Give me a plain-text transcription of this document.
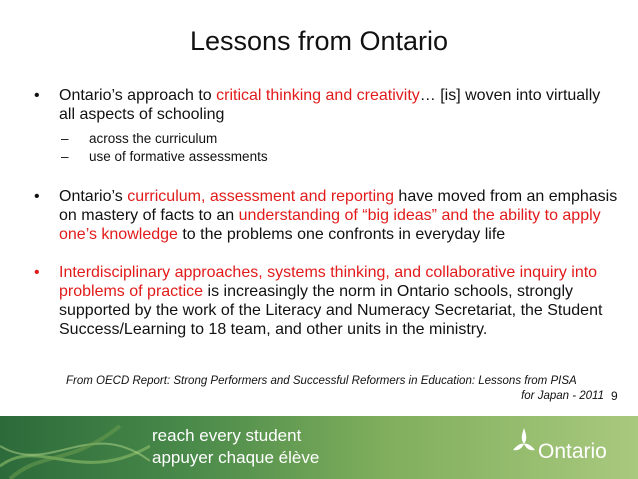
Lessons from Ontario
• Ontario’s approach to critical thinking and creativity… [is] woven into virtually all aspects of schooling
– across the curriculum
– use of formative assessments
• Ontario’s curriculum, assessment and reporting have moved from an emphasis on mastery of facts to an understanding of “big ideas” and the ability to apply one’s knowledge to the problems one confronts in everyday life
• Interdisciplinary approaches, systems thinking, and collaborative inquiry into problems of practice is increasingly the norm in Ontario schools, strongly supported by the work of the Literacy and Numeracy Secretariat, the Student Success/Learning to 18 team, and other units in the ministry.
From OECD Report: Strong Performers and Successful Reformers in Education: Lessons from PISA
for Japan - 2011 9
reach every student
appuyer chaque élève	Ontario
